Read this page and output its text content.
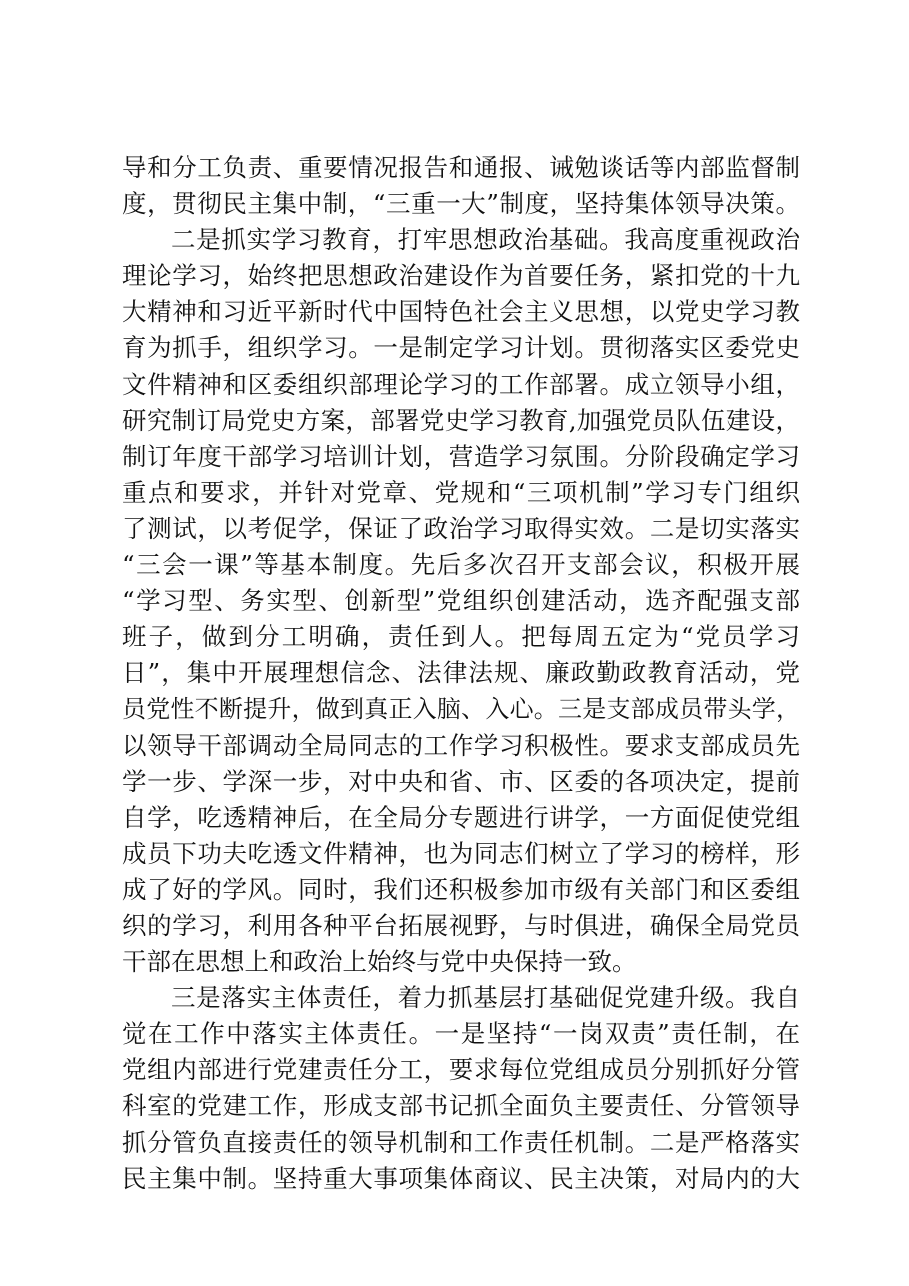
导和分工负责、重要情况报告和通报、诫勉谈话等内部监督制
度，贯彻民主集中制，“三重一大”制度，坚持集体领导决策。
二是抓实学习教育，打牢思想政治基础。我高度重视政治
理论学习，始终把思想政治建设作为首要任务，紧扣党的十九
大精神和习近平新时代中国特色社会主义思想，以党史学习教
育为抓手，组织学习。一是制定学习计划。贯彻落实区委党史
文件精神和区委组织部理论学习的工作部署。成立领导小组，
研究制订局党史方案，部署党史学习教育,加强党员队伍建设，
制订年度干部学习培训计划，营造学习氛围。分阶段确定学习
重点和要求，并针对党章、党规和“三项机制”学习专门组织
了测试，以考促学，保证了政治学习取得实效。二是切实落实
“三会一课”等基本制度。先后多次召开支部会议，积极开展
“学习型、务实型、创新型”党组织创建活动，选齐配强支部
班子，做到分工明确，责任到人。把每周五定为“党员学习
日”，集中开展理想信念、法律法规、廉政勤政教育活动，党
员党性不断提升，做到真正入脑、入心。三是支部成员带头学，
以领导干部调动全局同志的工作学习积极性。要求支部成员先
学一步、学深一步，对中央和省、市、区委的各项决定，提前
自学，吃透精神后，在全局分专题进行讲学，一方面促使党组
成员下功夫吃透文件精神，也为同志们树立了学习的榜样，形
成了好的学风。同时，我们还积极参加市级有关部门和区委组
织的学习，利用各种平台拓展视野，与时俱进，确保全局党员
干部在思想上和政治上始终与党中央保持一致。
三是落实主体责任，着力抓基层打基础促党建升级。我自
觉在工作中落实主体责任。一是坚持“一岗双责”责任制，在
党组内部进行党建责任分工，要求每位党组成员分别抓好分管
科室的党建工作，形成支部书记抓全面负主要责任、分管领导
抓分管负直接责任的领导机制和工作责任机制。二是严格落实
民主集中制。坚持重大事项集体商议、民主决策，对局内的大
